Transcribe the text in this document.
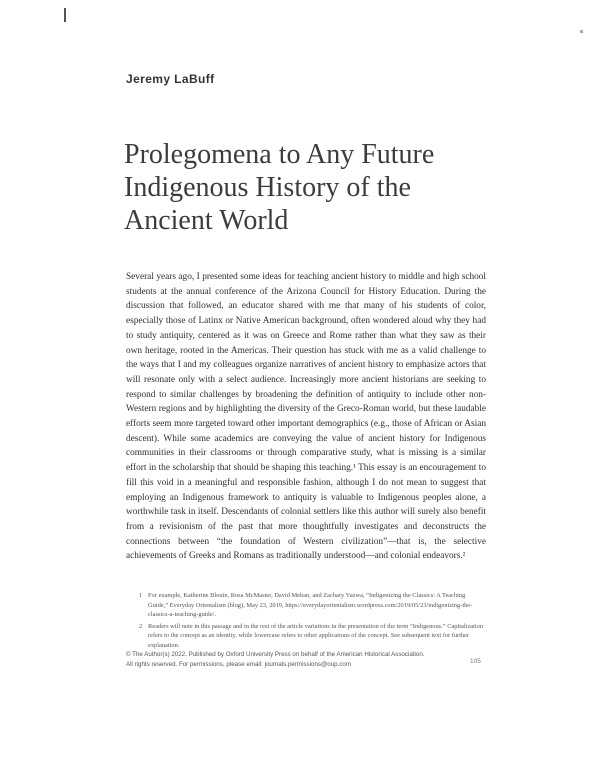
Jeremy LaBuff
Prolegomena to Any Future
Indigenous History of the
Ancient World

Several years ago, I presented some ideas for teaching ancient history to middle and high school students at the annual conference of the Arizona Council for History Education. During the discussion that followed, an educator shared with me that many of his students of color, especially those of Latinx or Native American background, often wondered aloud why they had to study antiquity, centered as it was on Greece and Rome rather than what they saw as their own heritage, rooted in the Americas. Their question has stuck with me as a valid challenge to the ways that I and my colleagues organize narratives of ancient history to emphasize actors that will resonate only with a select audience. Increasingly more ancient historians are seeking to respond to similar challenges by broadening the definition of antiquity to include other non-Western regions and by highlighting the diversity of the Greco-Roman world, but these laudable efforts seem more targeted toward other important demographics (e.g., those of African or Asian descent). While some academics are conveying the value of ancient history for Indigenous communities in their classrooms or through comparative study, what is missing is a similar effort in the scholarship that should be shaping this teaching.¹ This essay is an encouragement to fill this void in a meaningful and responsible fashion, although I do not mean to suggest that employing an Indigenous framework to antiquity is valuable to Indigenous peoples alone, a worthwhile task in itself. Descendants of colonial settlers like this author will surely also benefit from a revisionism of the past that more thoughtfully investigates and deconstructs the connections between “the foundation of Western civilization”—that is, the selective achievements of Greeks and Romans as traditionally understood—and colonial endeavors.²

1 For example, Katherine Blouin, Rosa McMaster, David Meban, and Zachary Yuzwa, “Indigenizing the Classics: A Teaching Guide,” Everyday Orientalism (blog), May 23, 2019, https://everydayorientalism.wordpress.com/2019/05/23/indigenizing-the-classics-a-teaching-guide/.
2 Readers will note in this passage and in the rest of the article variations in the presentation of the term “Indigenous.” Capitalization refers to the concept as an identity, while lowercase refers to other applications of the concept. See subsequent text for further explanation.
© The Author(s) 2022. Published by Oxford University Press on behalf of the American Historical Association.
All rights reserved. For permissions, please email: journals.permissions@oup.com	105
